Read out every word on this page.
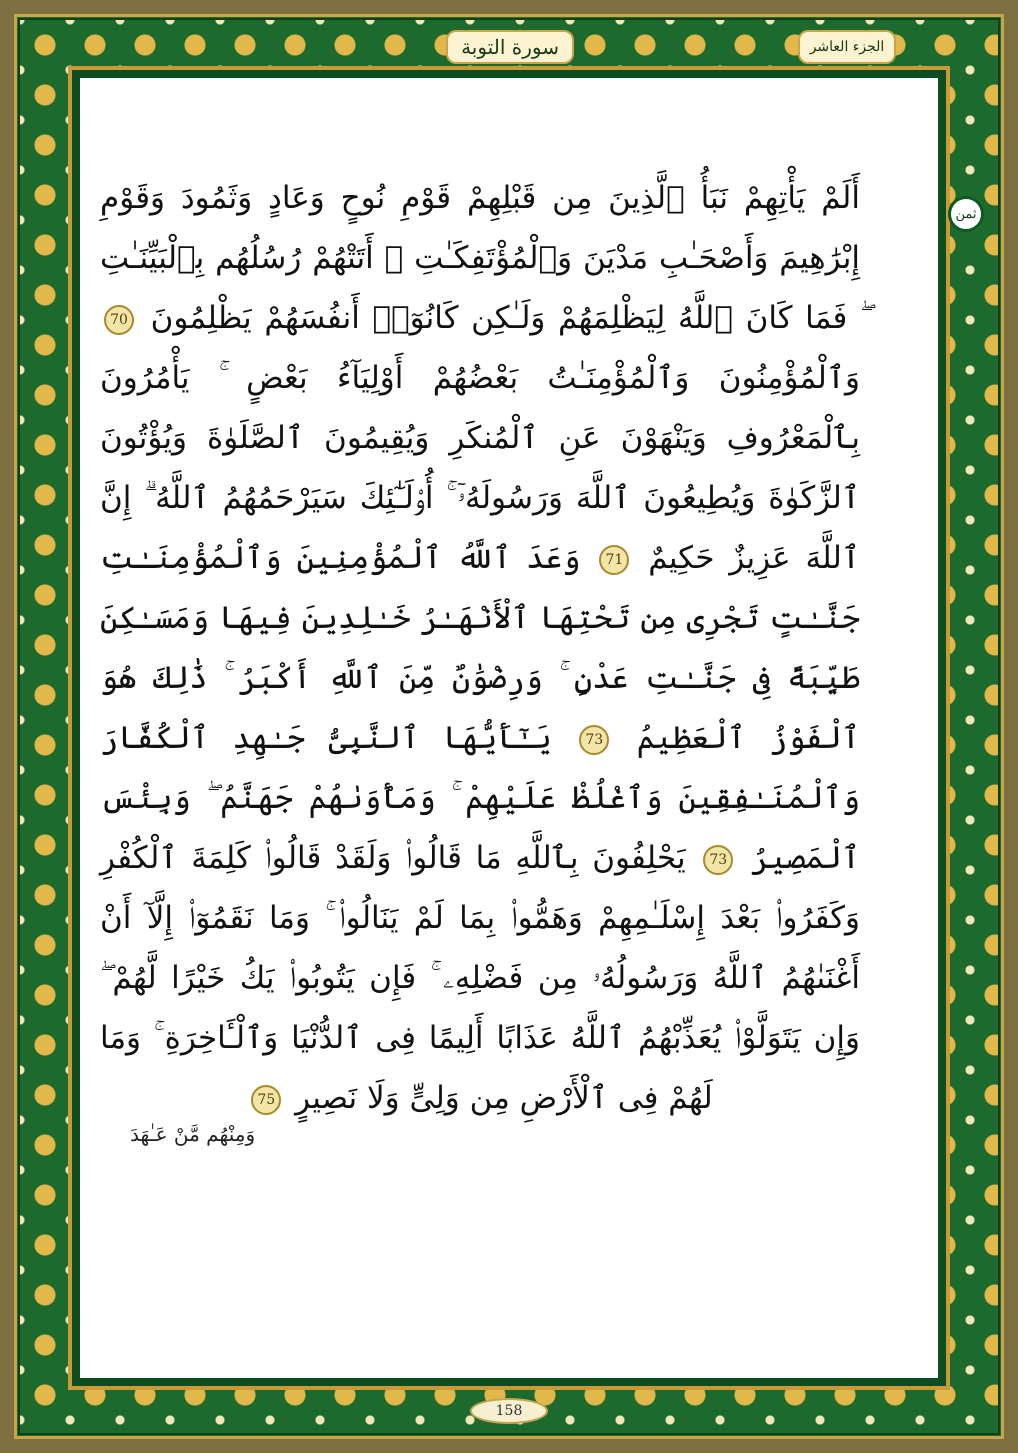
سورة التوبة	الجزء العاشر
ثمن
أَلَمْ يَأْتِهِمْ نَبَأُ ٱلَّذِينَ مِن قَبْلِهِمْ قَوْمِ نُوحٍ وَعَادٍ وَثَمُودَ وَقَوْمِ إِبْرَٰهِيمَ وَأَصْحَـٰبِ مَدْيَنَ وَٱلْمُؤْتَفِكَـٰتِ ۚ أَتَتْهُمْ رُسُلُهُم بِٱلْبَيِّنَـٰتِ ۖ فَمَا كَانَ ٱللَّهُ لِيَظْلِمَهُمْ وَلَـٰكِن كَانُوٓا۟ أَنفُسَهُمْ يَظْلِمُونَ 70 وَٱلْمُؤْمِنُونَ وَٱلْمُؤْمِنَـٰتُ بَعْضُهُمْ أَوْلِيَآءُ بَعْضٍ ۚ يَأْمُرُونَ بِٱلْمَعْرُوفِ وَيَنْهَوْنَ عَنِ ٱلْمُنكَرِ وَيُقِيمُونَ ٱلصَّلَوٰةَ وَيُؤْتُونَ ٱلزَّكَوٰةَ وَيُطِيعُونَ ٱللَّهَ وَرَسُولَهُۥٓ ۚ أُو۟لَـٰٓئِكَ سَيَرْحَمُهُمُ ٱللَّهُ ۗ إِنَّ ٱللَّهَ عَزِيزٌ حَكِيمٌ 71 وَعَدَ ٱللَّهُ ٱلْمُؤْمِنِينَ وَٱلْمُؤْمِنَـٰتِ جَنَّـٰتٍ تَجْرِى مِن تَحْتِهَا ٱلْأَنْهَـٰرُ خَـٰلِدِينَ فِيهَا وَمَسَـٰكِنَ طَيِّبَةً فِى جَنَّـٰتِ عَدْنٍ ۚ وَرِضْوَٰنٌ مِّنَ ٱللَّهِ أَكْبَرُ ۚ ذَٰلِكَ هُوَ ٱلْفَوْزُ ٱلْعَظِيمُ 73 يَـٰٓأَيُّهَا ٱلنَّبِىُّ جَـٰهِدِ ٱلْكُفَّارَ وَٱلْمُنَـٰفِقِينَ وَٱغْلُظْ عَلَيْهِمْ ۚ وَمَأْوَىٰهُمْ جَهَنَّمُ ۖ وَبِئْسَ ٱلْمَصِيرُ 73 يَحْلِفُونَ بِٱللَّهِ مَا قَالُوا۟ وَلَقَدْ قَالُوا۟ كَلِمَةَ ٱلْكُفْرِ وَكَفَرُوا۟ بَعْدَ إِسْلَـٰمِهِمْ وَهَمُّوا۟ بِمَا لَمْ يَنَالُوا۟ ۚ وَمَا نَقَمُوٓا۟ إِلَّآ أَنْ أَغْنَىٰهُمُ ٱللَّهُ وَرَسُولُهُۥ مِن فَضْلِهِۦ ۚ فَإِن يَتُوبُوا۟ يَكُ خَيْرًا لَّهُمْ ۖ وَإِن يَتَوَلَّوْا۟ يُعَذِّبْهُمُ ٱللَّهُ عَذَابًا أَلِيمًا فِى ٱلدُّنْيَا وَٱلْـَٔاخِرَةِ ۚ وَمَا لَهُمْ فِى ٱلْأَرْضِ مِن وَلِىٍّ وَلَا نَصِيرٍ 75
وَمِنْهُم مَّنْ عَـٰهَدَ
158
